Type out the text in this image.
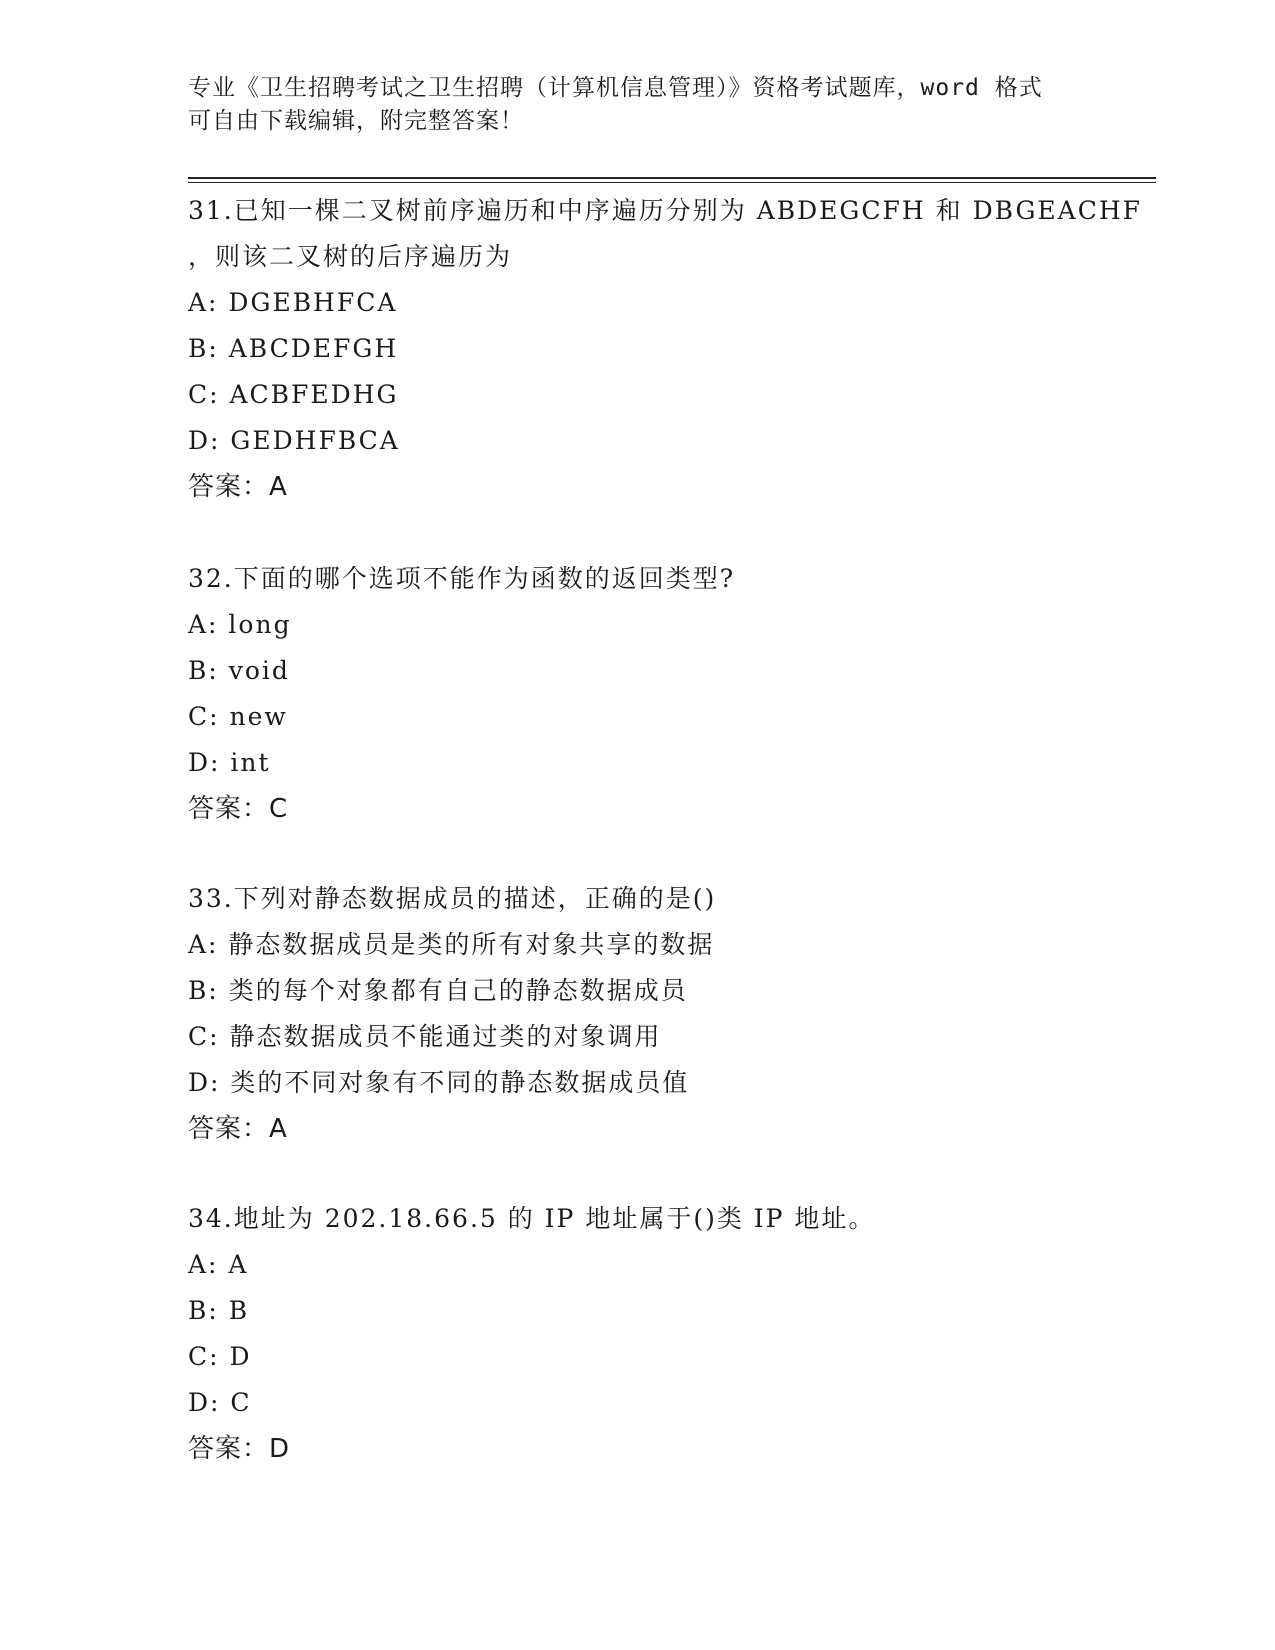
专业《卫生招聘考试之卫生招聘（计算机信息管理）》资格考试题库，word 格式
可自由下载编辑，附完整答案！
31.已知一棵二叉树前序遍历和中序遍历分别为 ABDEGCFH 和 DBGEACHF
，则该二叉树的后序遍历为
A: DGEBHFCA
B: ABCDEFGH
C: ACBFEDHG
D: GEDHFBCA
答案：A
32.下面的哪个选项不能作为函数的返回类型?
A: long
B: void
C: new
D: int
答案：C
33.下列对静态数据成员的描述，正确的是()
A: 静态数据成员是类的所有对象共享的数据
B: 类的每个对象都有自己的静态数据成员
C: 静态数据成员不能通过类的对象调用
D: 类的不同对象有不同的静态数据成员值
答案：A
34.地址为 202.18.66.5 的 IP 地址属于()类 IP 地址。
A: A
B: B
C: D
D: C
答案：D
